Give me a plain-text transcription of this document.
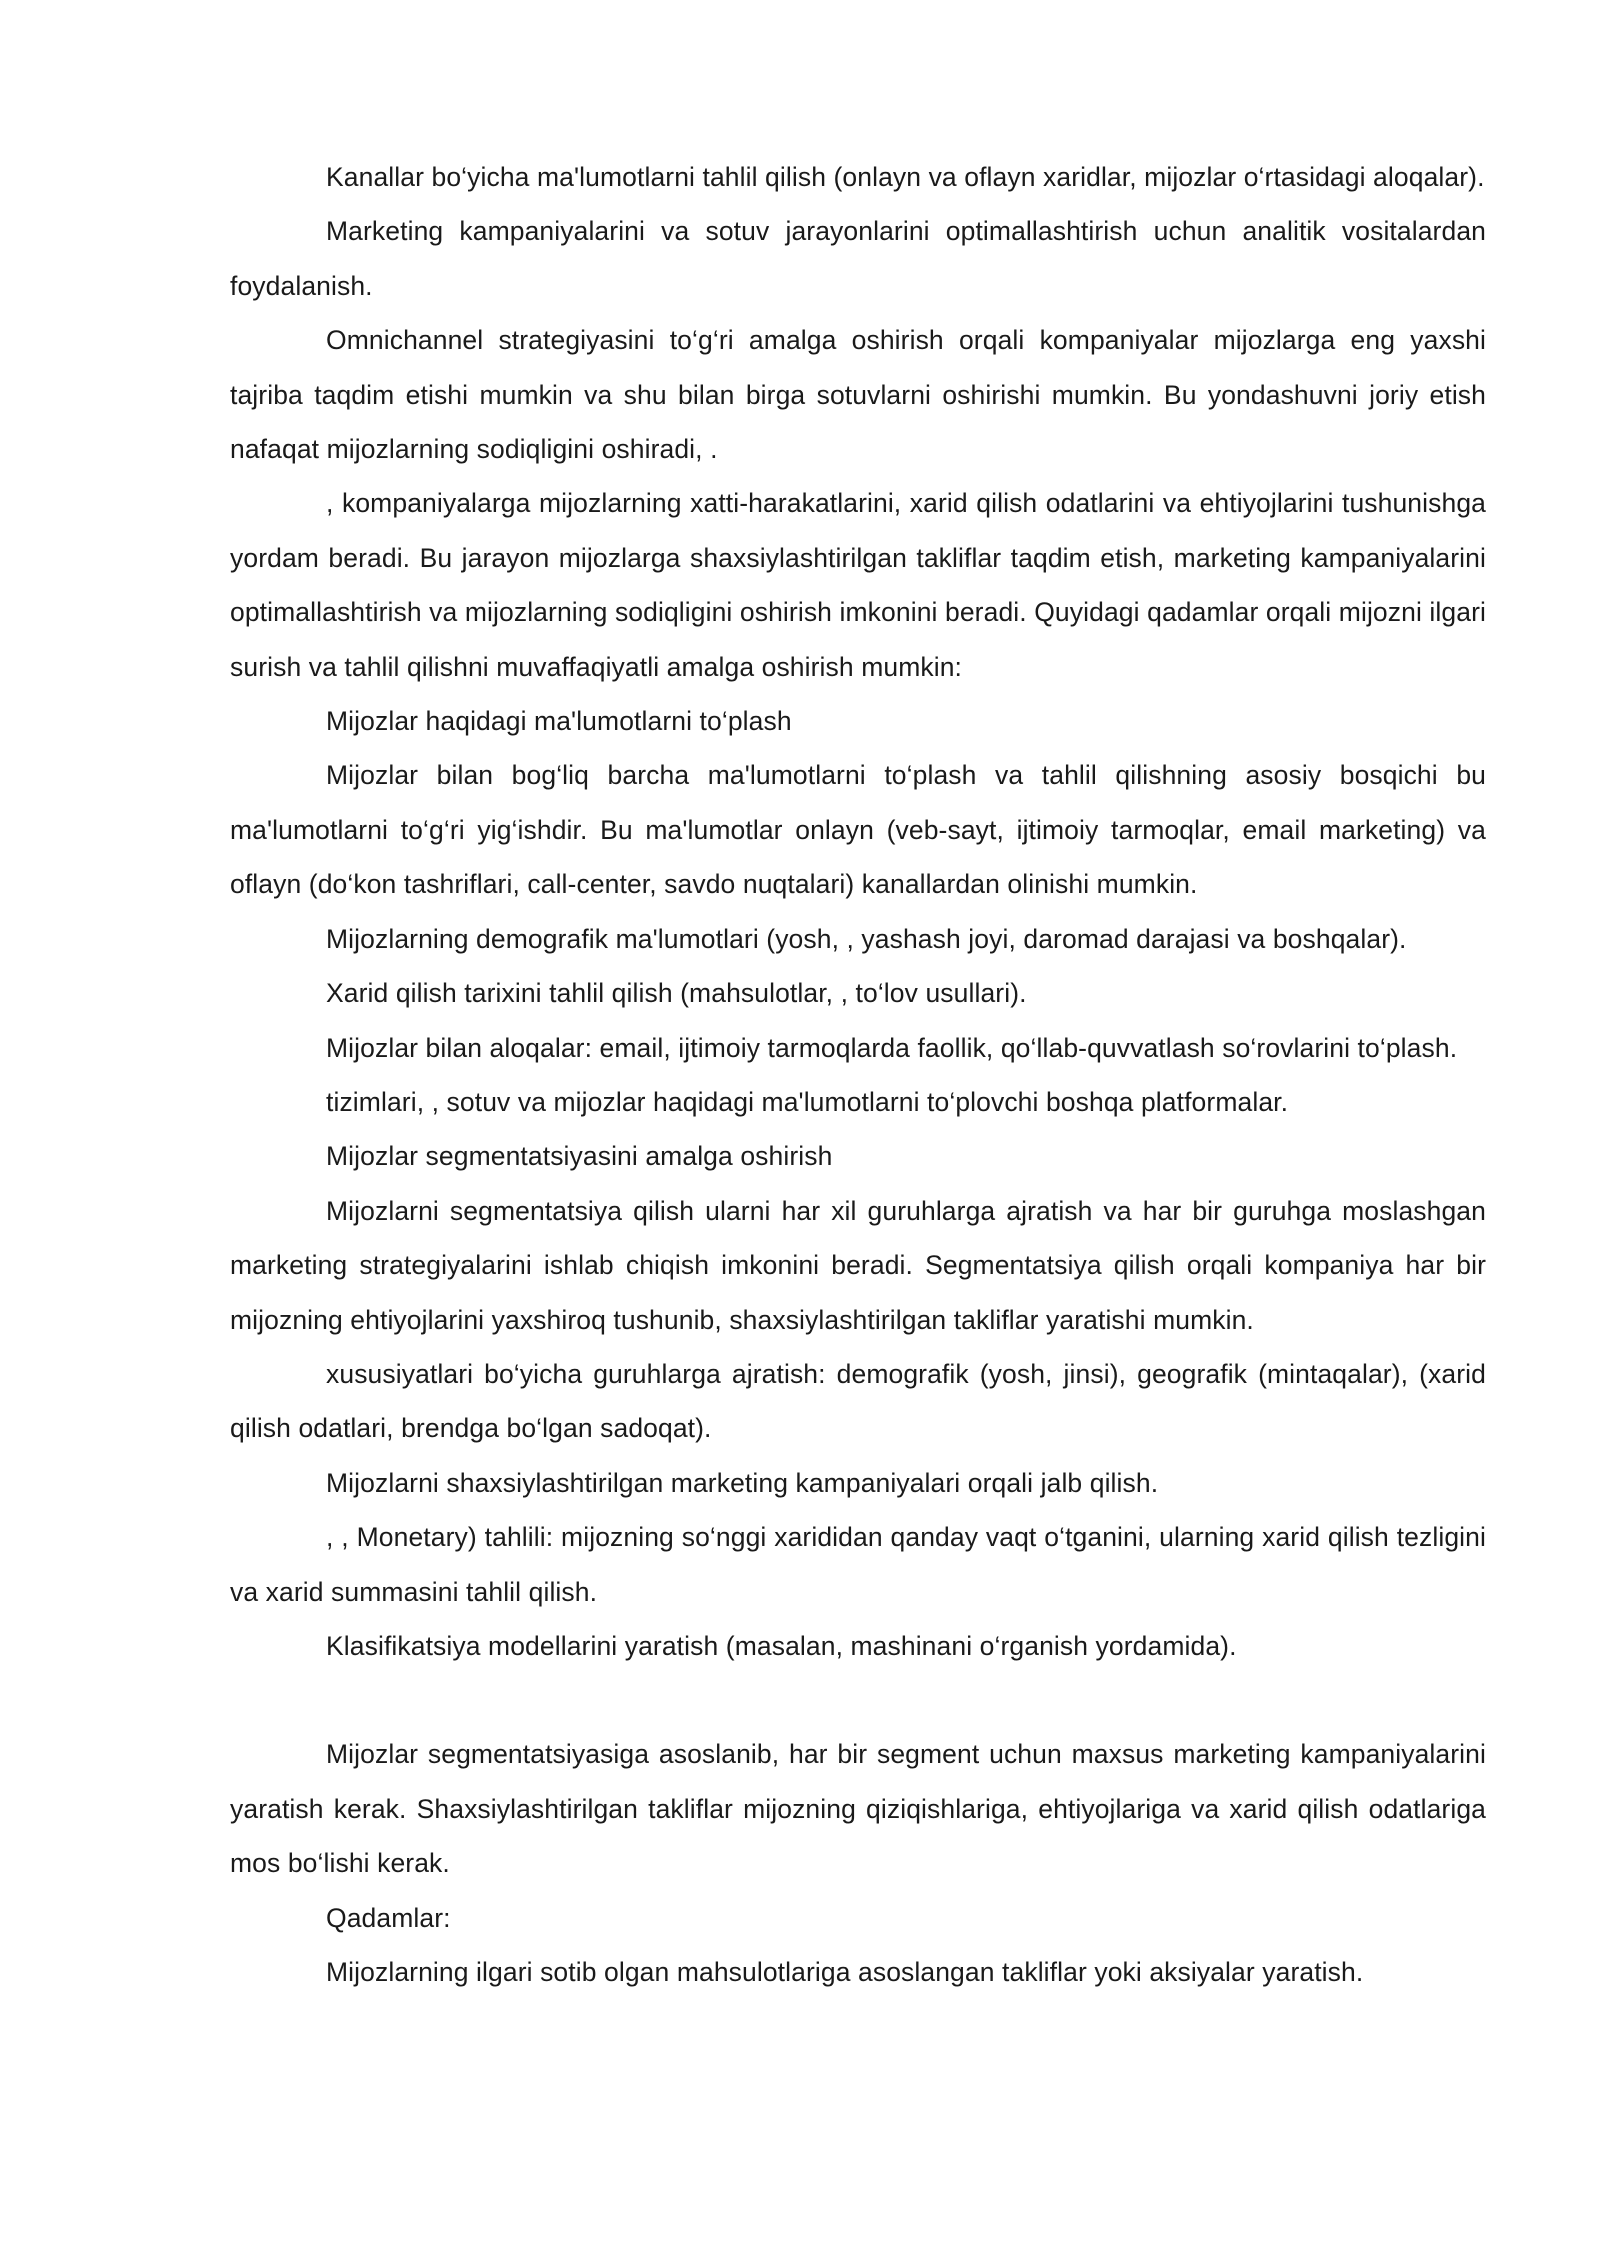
Kanallar bo‘yicha ma'lumotlarni tahlil qilish (onlayn va oflayn xaridlar, mijozlar o‘rtasidagi aloqalar).

Marketing kampaniyalarini va sotuv jarayonlarini optimallashtirish uchun analitik vositalardan foydalanish.

Omnichannel strategiyasini to‘g‘ri amalga oshirish orqali kompaniyalar mijozlarga eng yaxshi tajriba taqdim etishi mumkin va shu bilan birga sotuvlarni oshirishi mumkin. Bu yondashuvni joriy etish nafaqat mijozlarning sodiqligini oshiradi, .

, kompaniyalarga mijozlarning xatti-harakatlarini, xarid qilish odatlarini va ehtiyojlarini tushunishga yordam beradi. Bu jarayon mijozlarga shaxsiylashtirilgan takliflar taqdim etish, marketing kampaniyalarini optimallashtirish va mijozlarning sodiqligini oshirish imkonini beradi. Quyidagi qadamlar orqali mijozni ilgari surish va tahlil qilishni muvaffaqiyatli amalga oshirish mumkin:

Mijozlar haqidagi ma'lumotlarni to‘plash

Mijozlar bilan bog‘liq barcha ma'lumotlarni to‘plash va tahlil qilishning asosiy bosqichi bu ma'lumotlarni to‘g‘ri yig‘ishdir. Bu ma'lumotlar onlayn (veb-sayt, ijtimoiy tarmoqlar, email marketing) va oflayn (do‘kon tashriflari, call-center, savdo nuqtalari) kanallardan olinishi mumkin.

Mijozlarning demografik ma'lumotlari (yosh, , yashash joyi, daromad darajasi va boshqalar).

Xarid qilish tarixini tahlil qilish (mahsulotlar, , to‘lov usullari).

Mijozlar bilan aloqalar: email, ijtimoiy tarmoqlarda faollik, qo‘llab-quvvatlash so‘rovlarini to‘plash.

tizimlari, , sotuv va mijozlar haqidagi ma'lumotlarni to‘plovchi boshqa platformalar.

Mijozlar segmentatsiyasini amalga oshirish

Mijozlarni segmentatsiya qilish ularni har xil guruhlarga ajratish va har bir guruhga moslashgan marketing strategiyalarini ishlab chiqish imkonini beradi. Segmentatsiya qilish orqali kompaniya har bir mijozning ehtiyojlarini yaxshiroq tushunib, shaxsiylashtirilgan takliflar yaratishi mumkin.

xususiyatlari bo‘yicha guruhlarga ajratish: demografik (yosh, jinsi), geografik (mintaqalar), (xarid qilish odatlari, brendga bo‘lgan sadoqat).

Mijozlarni shaxsiylashtirilgan marketing kampaniyalari orqali jalb qilish.

, , Monetary) tahlili: mijozning so‘nggi xarididan qanday vaqt o‘tganini, ularning xarid qilish tezligini va xarid summasini tahlil qilish.

Klasifikatsiya modellarini yaratish (masalan, mashinani o‘rganish yordamida).

Mijozlar segmentatsiyasiga asoslanib, har bir segment uchun maxsus marketing kampaniyalarini yaratish kerak. Shaxsiylashtirilgan takliflar mijozning qiziqishlariga, ehtiyojlariga va xarid qilish odatlariga mos bo‘lishi kerak.

Qadamlar:

Mijozlarning ilgari sotib olgan mahsulotlariga asoslangan takliflar yoki aksiyalar yaratish.
